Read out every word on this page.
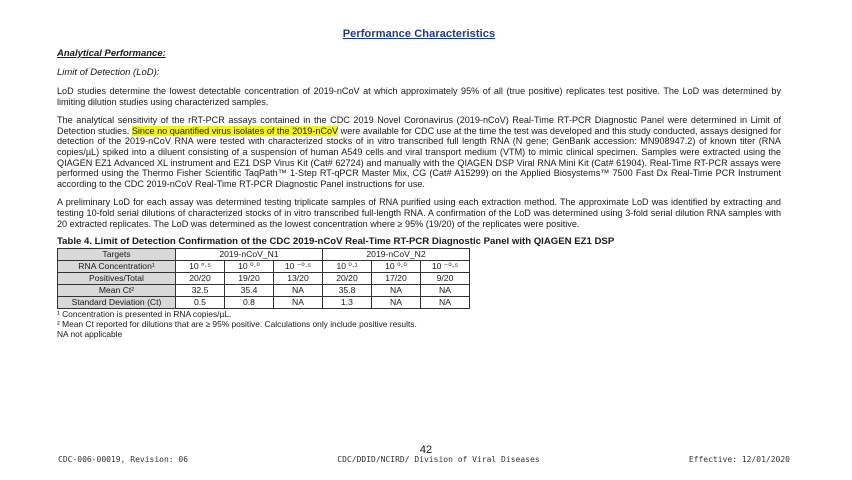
Performance Characteristics
Analytical Performance:
Limit of Detection (LoD):

LoD studies determine the lowest detectable concentration of 2019-nCoV at which approximately 95% of all (true positive) replicates test positive. The LoD was determined by limiting dilution studies using characterized samples.

The analytical sensitivity of the rRT-PCR assays contained in the CDC 2019 Novel Coronavirus (2019-nCoV) Real-Time RT-PCR Diagnostic Panel were determined in Limit of Detection studies. Since no quantified virus isolates of the 2019-nCoV were available for CDC use at the time the test was developed and this study conducted, assays designed for detection of the 2019-nCoV RNA were tested with characterized stocks of in vitro transcribed full length RNA (N gene; GenBank accession: MN908947.2) of known titer (RNA copies/µL) spiked into a diluent consisting of a suspension of human A549 cells and viral transport medium (VTM) to mimic clinical specimen. Samples were extracted using the QIAGEN EZ1 Advanced XL instrument and EZ1 DSP Virus Kit (Cat# 62724) and manually with the QIAGEN DSP Viral RNA Mini Kit (Cat# 61904). Real-Time RT-PCR assays were performed using the Thermo Fisher Scientific TaqPath™ 1-Step RT-qPCR Master Mix, CG (Cat# A15299) on the Applied Biosystems™ 7500 Fast Dx Real-Time PCR Instrument according to the CDC 2019-nCoV Real-Time RT-PCR Diagnostic Panel instructions for use.

A preliminary LoD for each assay was determined testing triplicate samples of RNA purified using each extraction method. The approximate LoD was identified by extracting and testing 10-fold serial dilutions of characterized stocks of in vitro transcribed full-length RNA. A confirmation of the LoD was determined using 3-fold serial dilution RNA samples with 20 extracted replicates. The LoD was determined as the lowest concentration where ≥ 95% (19/20) of the replicates were positive.

Table 4. Limit of Detection Confirmation of the CDC 2019-nCoV Real-Time RT-PCR Diagnostic Panel with QIAGEN EZ1 DSP
Targets	2019-nCoV_N1			2019-nCoV_N2		
RNA Concentration¹	10 °·⁵	10 ⁰·⁰	10 ⁻⁰·⁵	10 ⁰·¹	10 ⁰·⁰	10 ⁻⁰·⁵
Positives/Total	20/20	19/20	13/20	20/20	17/20	9/20
Mean Ct²	32.5	35.4	NA	35.8	NA	NA
Standard Deviation (Ct)	0.5	0.8	NA	1.3	NA	NA

¹ Concentration is presented in RNA copies/µL.

² Mean Ct reported for dilutions that are ≥ 95% positive. Calculations only include positive results.

NA not applicable

42
CDC-006-00019, Revision: 06	CDC/DDID/NCIRD/ Division of Viral Diseases	Effective: 12/01/2020
